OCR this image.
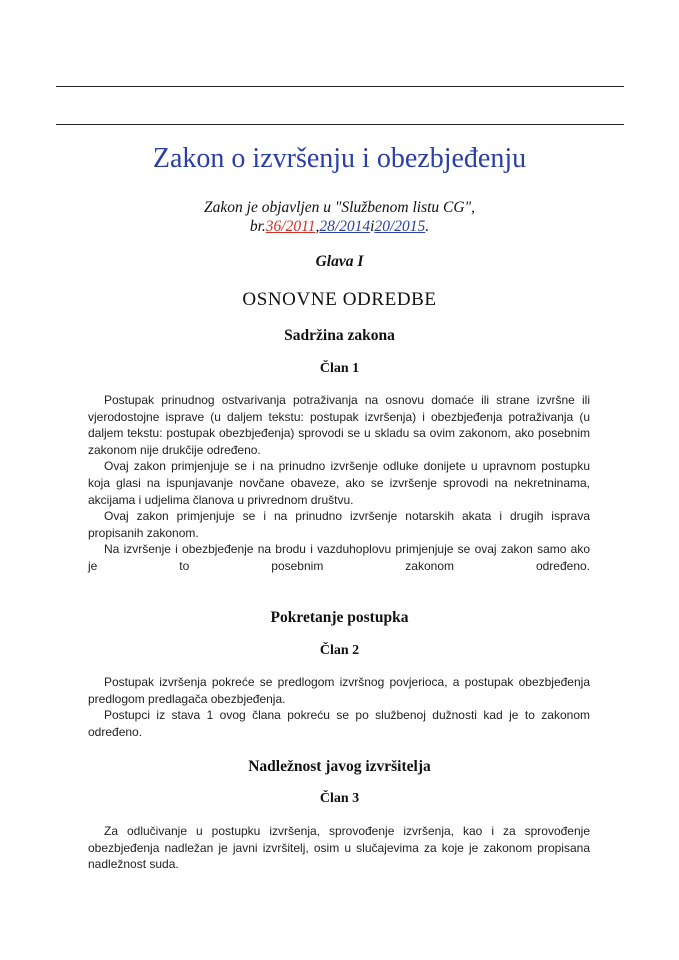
Zakon o izvršenju i obezbjeđenju
Zakon je objavljen u "Službenom listu CG",
br.36/2011,28/2014i20/2015.
Glava I
OSNOVNE ODREDBE
Sadržina zakona
Član 1

Postupak prinudnog ostvarivanja potraživanja na osnovu domaće ili strane izvršne ili vjerodostojne isprave (u daljem tekstu: postupak izvršenja) i obezbjeđenja potraživanja (u daljem tekstu: postupak obezbjeđenja) sprovodi se u skladu sa ovim zakonom, ako posebnim zakonom nije drukčije određeno.

Ovaj zakon primjenjuje se i na prinudno izvršenje odluke donijete u upravnom postupku koja glasi na ispunjavanje novčane obaveze, ako se izvršenje sprovodi na nekretninama, akcijama i udjelima članova u privrednom društvu.

Ovaj zakon primjenjuje se i na prinudno izvršenje notarskih akata i drugih isprava propisanih zakonom.

Na izvršenje i obezbjeđenje na brodu i vazduhoplovu primjenjuje se ovaj zakon samo ako je to posebnim zakonom određeno.

Pokretanje postupka
Član 2

Postupak izvršenja pokreće se predlogom izvršnog povjerioca, a postupak obezbjeđenja predlogom predlagača obezbjeđenja.

Postupci iz stava 1 ovog člana pokreću se po službenoj dužnosti kad je to zakonom određeno.

Nadležnost javog izvršitelja
Član 3

Za odlučivanje u postupku izvršenja, sprovođenje izvršenja, kao i za sprovođenje obezbjeđenja nadležan je javni izvršitelj, osim u slučajevima za koje je zakonom propisana nadležnost suda.
